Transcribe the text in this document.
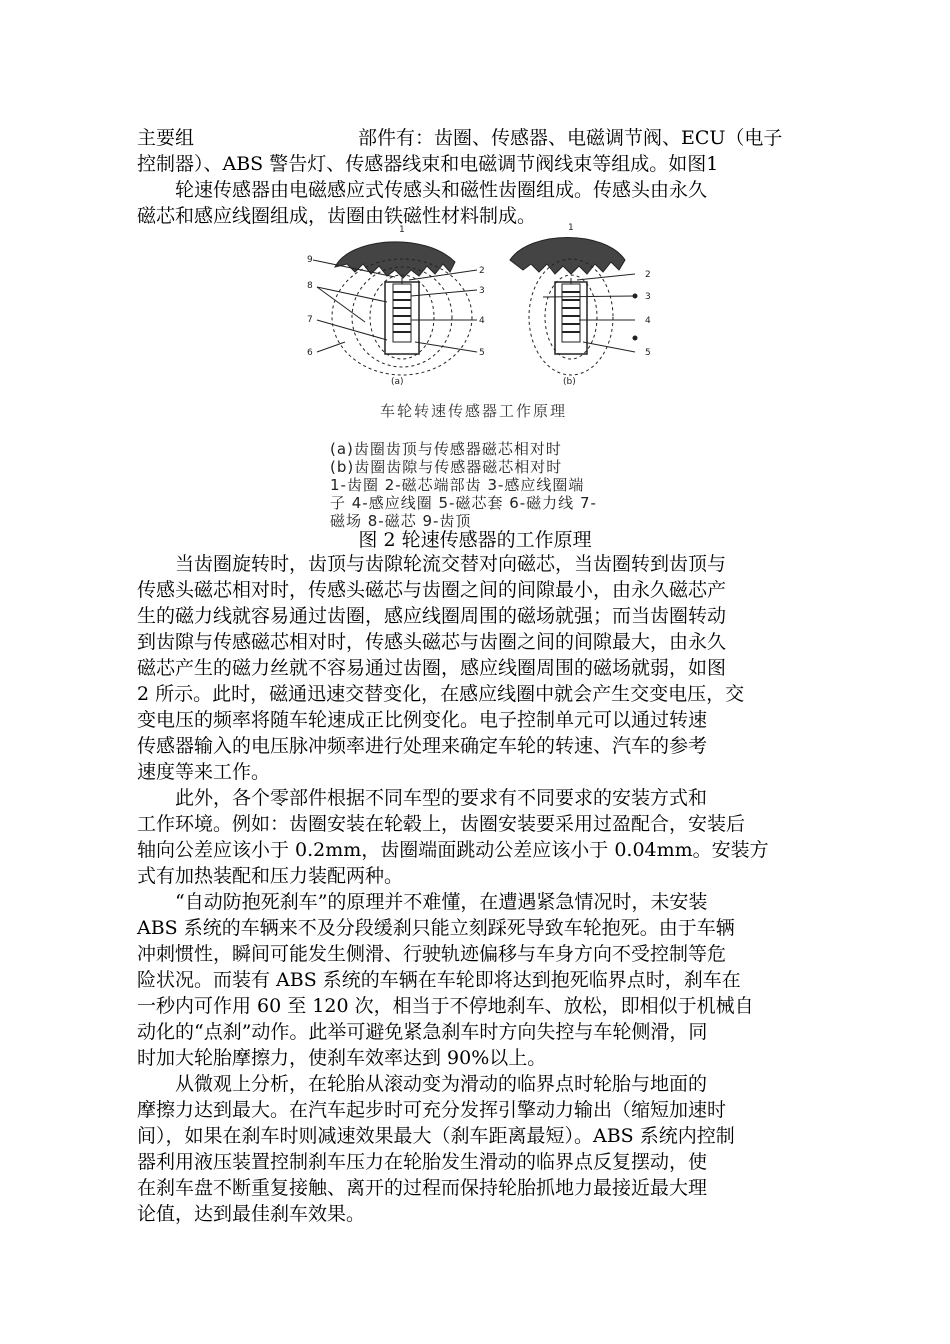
主要组	部件有：齿圈、传感器、电磁调节阀、ECU（电子
控制器）、ABS 警告灯、传感器线束和电磁调节阀线束等组成。如图1
　　轮速传感器由电磁感应式传感头和磁性齿圈组成。传感头由永久
磁芯和感应线圈组成，齿圈由铁磁性材料制成。
9
8
7
6
1
2
3
4
5
(a)
2
3
4
5
1
(b)
车轮转速传感器工作原理
(a)齿圈齿顶与传感器磁芯相对时
(b)齿圈齿隙与传感器磁芯相对时
1-齿圈 2-磁芯端部齿 3-感应线圈端
子 4-感应线圈 5-磁芯套 6-磁力线 7-
磁场 8-磁芯 9-齿顶
图 2 轮速传感器的工作原理
　　当齿圈旋转时，齿顶与齿隙轮流交替对向磁芯，当齿圈转到齿顶与
传感头磁芯相对时，传感头磁芯与齿圈之间的间隙最小，由永久磁芯产
生的磁力线就容易通过齿圈，感应线圈周围的磁场就强；而当齿圈转动
到齿隙与传感磁芯相对时，传感头磁芯与齿圈之间的间隙最大，由永久
磁芯产生的磁力丝就不容易通过齿圈，感应线圈周围的磁场就弱，如图
2 所示。此时，磁通迅速交替变化，在感应线圈中就会产生交变电压，交
变电压的频率将随车轮速成正比例变化。电子控制单元可以通过转速
传感器输入的电压脉冲频率进行处理来确定车轮的转速、汽车的参考
速度等来工作。
　　此外，各个零部件根据不同车型的要求有不同要求的安装方式和
工作环境。例如：齿圈安装在轮毂上，齿圈安装要采用过盈配合，安装后
轴向公差应该小于 0.2mm，齿圈端面跳动公差应该小于 0.04mm。安装方
式有加热装配和压力装配两种。
　　“自动防抱死刹车”的原理并不难懂，在遭遇紧急情况时，未安装
ABS 系统的车辆来不及分段缓刹只能立刻踩死导致车轮抱死。由于车辆
冲刺惯性，瞬间可能发生侧滑、行驶轨迹偏移与车身方向不受控制等危
险状况。而装有 ABS 系统的车辆在车轮即将达到抱死临界点时，刹车在
一秒内可作用 60 至 120 次，相当于不停地刹车、放松，即相似于机械自
动化的“点刹”动作。此举可避免紧急刹车时方向失控与车轮侧滑，同
时加大轮胎摩擦力，使刹车效率达到 90%以上。
　　从微观上分析，在轮胎从滚动变为滑动的临界点时轮胎与地面的
摩擦力达到最大。在汽车起步时可充分发挥引擎动力输出（缩短加速时
间），如果在刹车时则减速效果最大（刹车距离最短）。ABS 系统内控制
器利用液压装置控制刹车压力在轮胎发生滑动的临界点反复摆动，使
在刹车盘不断重复接触、离开的过程而保持轮胎抓地力最接近最大理
论值，达到最佳刹车效果。
